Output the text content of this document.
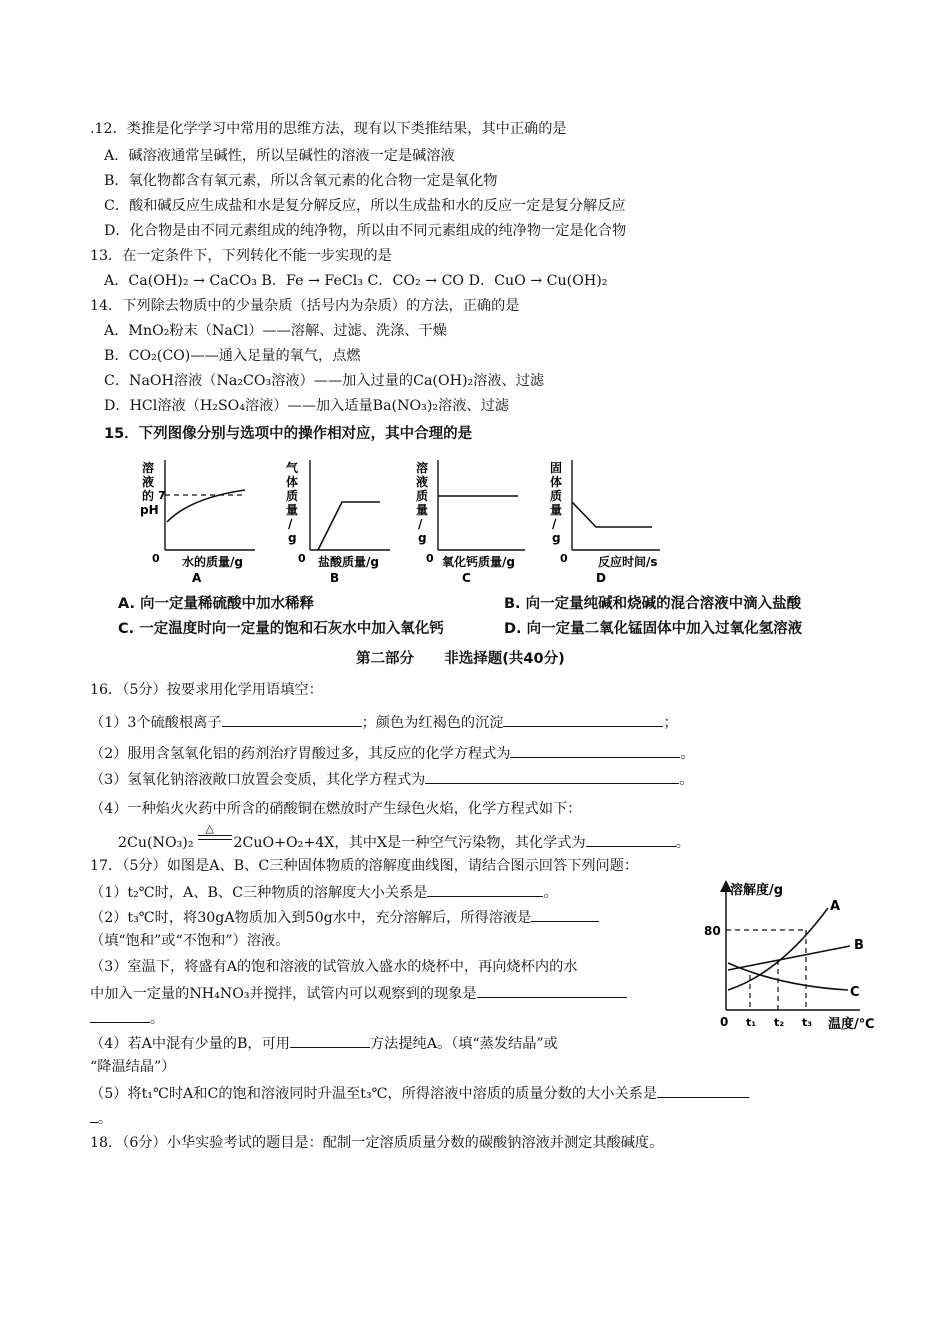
.12．类推是化学学习中常用的思维方法，现有以下类推结果，其中正确的是
A．碱溶液通常呈碱性，所以呈碱性的溶液一定是碱溶液
B．氧化物都含有氧元素，所以含氧元素的化合物一定是氧化物
C．酸和碱反应生成盐和水是复分解反应，所以生成盐和水的反应一定是复分解反应
D．化合物是由不同元素组成的纯净物，所以由不同元素组成的纯净物一定是化合物
13．在一定条件下，下列转化不能一步实现的是
A．Ca(OH)₂ → CaCO₃ B．Fe → FeCl₃ C．CO₂ → CO D．CuO → Cu(OH)₂
14．下列除去物质中的少量杂质（括号内为杂质）的方法，正确的是
A．MnO₂粉末（NaCl）——溶解、过滤、洗涤、干燥
B．CO₂(CO)——通入足量的氧气，点燃
C．NaOH溶液（Na₂CO₃溶液）——加入过量的Ca(OH)₂溶液、过滤
D．HCl溶液（H₂SO₄溶液）——加入适量Ba(NO₃)₂溶液、过滤
15．下列图像分别与选项中的操作相对应，其中合理的是
溶
液
的
pH
7
0 水的质量/g
A
气
体
质
量
/
g
0 盐酸质量/g
B
溶
液
质
量
/
g
0 氧化钙质量/g
C
固
体
质
量
/
g
0	反应时间/s
D
A. 向一定量稀硫酸中加水稀释	B. 向一定量纯碱和烧碱的混合溶液中滴入盐酸
C. 一定温度时向一定量的饱和石灰水中加入氧化钙	D. 向一定量二氧化锰固体中加入过氧化氢溶液
第二部分      非选择题(共40分)
16．（5分）按要求用化学用语填空：
（1）3个硫酸根离子	；颜色为红褐色的沉淀	；
（2）服用含氢氧化铝的药剂治疗胃酸过多，其反应的化学方程式为	。
（3）氢氧化钠溶液敞口放置会变质，其化学方程式为	。
（4）一种焰火火药中所含的硝酸铜在燃放时产生绿色火焰，化学方程式如下：
2Cu(NO₃)₂
△
2CuO+O₂+4X，其中X是一种空气污染物，其化学式为	。
17．（5分）如图是A、B、C三种固体物质的溶解度曲线图，请结合图示回答下列问题：
（1）t₂℃时，A、B、C三种物质的溶解度大小关系是	。
（2）t₃℃时，将30gA物质加入到50g水中，充分溶解后，所得溶液是
（填“饱和”或“不饱和”）溶液。
（3）室温下，将盛有A的饱和溶液的试管放入盛水的烧杯中，再向烧杯内的水
中加入一定量的NH₄NO₃并搅拌，试管内可以观察到的现象是
。
（4）若A中混有少量的B，可用	方法提纯A。（填“蒸发结晶”或
“降温结晶”）
（5）将t₁℃时A和C的饱和溶液同时升温至t₃℃，所得溶液中溶质的质量分数的大小关系是
。
溶解度/g
80
A
B
C
0 t₁ t₂ t₃ 温度/℃
18．（6分）小华实验考试的题目是：配制一定溶质质量分数的碳酸钠溶液并测定其酸碱度。
